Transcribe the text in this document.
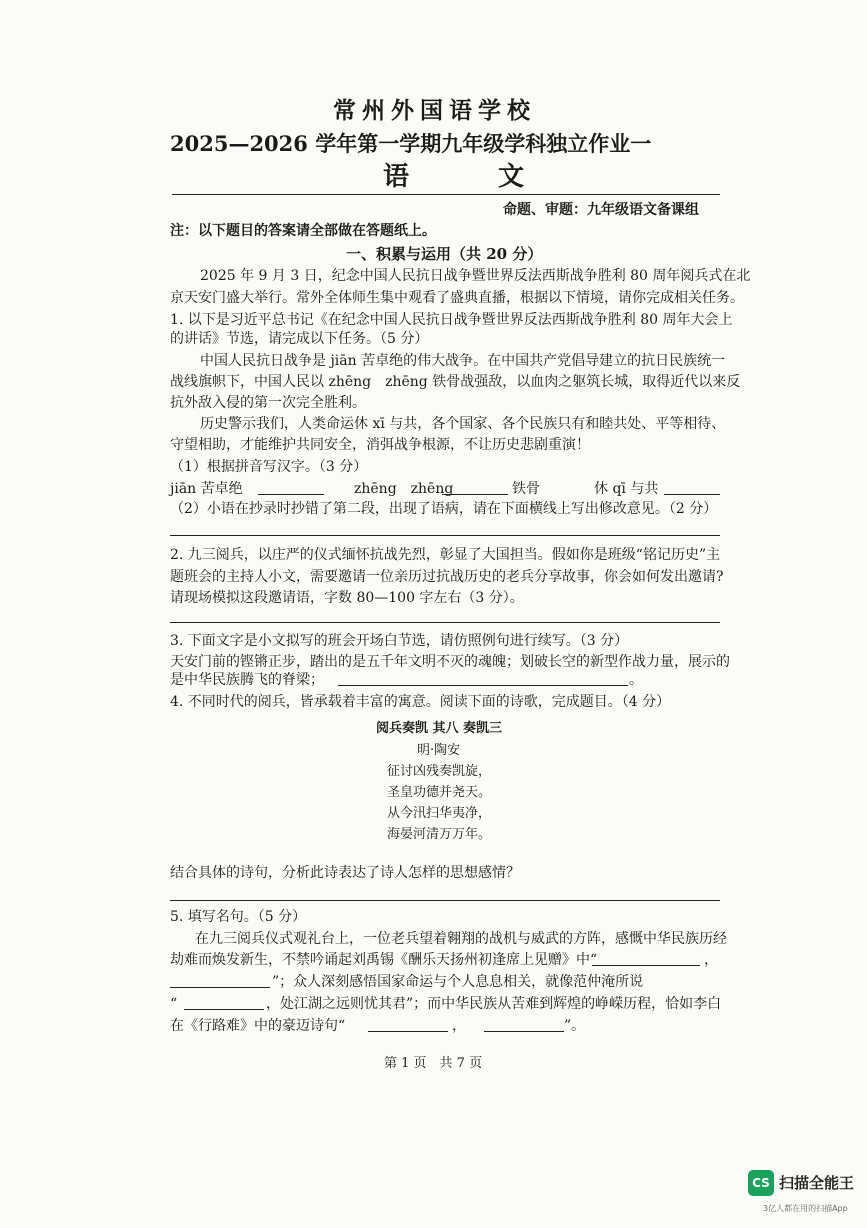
常州外国语学校
2025—2026 学年第一学期九年级学科独立作业一
语 文
命题、审题：九年级语文备课组
注：以下题目的答案请全部做在答题纸上。
一、积累与运用（共 20 分）
2025 年 9 月 3 日，纪念中国人民抗日战争暨世界反法西斯战争胜利 80 周年阅兵式在北
京天安门盛大举行。常外全体师生集中观看了盛典直播，根据以下情境，请你完成相关任务。
1. 以下是习近平总书记《在纪念中国人民抗日战争暨世界反法西斯战争胜利 80 周年大会上
的讲话》节选，请完成以下任务。（5 分）
中国人民抗日战争是 jiān 苦卓绝的伟大战争。在中国共产党倡导建立的抗日民族统一
战线旗帜下，中国人民以 zhēng　zhēng 铁骨战强敌，以血肉之躯筑长城，取得近代以来反
抗外敌入侵的第一次完全胜利。
历史警示我们，人类命运休 xī 与共，各个国家、各个民族只有和睦共处、平等相待、
守望相助，才能维护共同安全，消弭战争根源，不让历史悲剧重演！
（1）根据拼音写汉字。（3 分）
jiān 苦卓绝	zhēng　zhēng	铁骨	休 qī 与共
（2）小语在抄录时抄错了第二段，出现了语病，请在下面横线上写出修改意见。（2 分）
2. 九三阅兵，以庄严的仪式缅怀抗战先烈，彰显了大国担当。假如你是班级“铭记历史”主
题班会的主持人小文，需要邀请一位亲历过抗战历史的老兵分享故事，你会如何发出邀请?
请现场模拟这段邀请语，字数 80—100 字左右（3 分）。
3. 下面文字是小文拟写的班会开场白节选，请仿照例句进行续写。（3 分）
天安门前的铿锵正步，踏出的是五千年文明不灭的魂魄；划破长空的新型作战力量，展示的
是中华民族腾飞的脊梁；	。
4. 不同时代的阅兵，皆承载着丰富的寓意。阅读下面的诗歌，完成题目。（4 分）
阅兵奏凯 其八 奏凯三
明·陶安
征讨凶残奏凯旋，
圣皇功德并尧天。
从今汛扫华夷净，
海晏河清万万年。
结合具体的诗句，分析此诗表达了诗人怎样的思想感情？
5. 填写名句。（5 分）
在九三阅兵仪式观礼台上，一位老兵望着翱翔的战机与威武的方阵，感慨中华民族历经
劫难而焕发新生，不禁吟诵起刘禹锡《酬乐天扬州初逢席上见赠》中“	，
”；众人深刻感悟国家命运与个人息息相关，就像范仲淹所说
“	，处江湖之远则忧其君”；而中华民族从苦难到辉煌的峥嵘历程，恰如李白
在《行路难》中的豪迈诗句“	，	”。
第 1 页　共 7 页
CS 扫描全能王
3亿人都在用的扫描App
